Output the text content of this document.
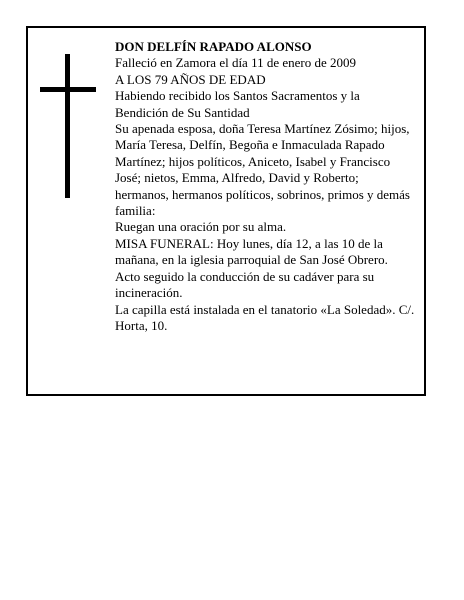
DON DELFÍN RAPADO ALONSO

Falleció en Zamora el día 11 de enero de 2009

A LOS 79 AÑOS DE EDAD

Habiendo recibido los Santos Sacramentos y la Bendición de Su Santidad

Su apenada esposa, doña Teresa Martínez Zósimo; hijos, María Teresa, Delfín, Begoña e Inmaculada Rapado Martínez; hijos políticos, Aniceto, Isabel y Francisco José; nietos, Emma, Alfredo, David y Roberto; hermanos, hermanos políticos, sobrinos, primos y demás familia:

Ruegan una oración por su alma.

MISA FUNERAL: Hoy lunes, día 12, a las 10 de la mañana, en la iglesia parroquial de San José Obrero. Acto seguido la conducción de su cadáver para su incineración.

La capilla está instalada en el tanatorio «La Soledad». C/. Horta, 10.
